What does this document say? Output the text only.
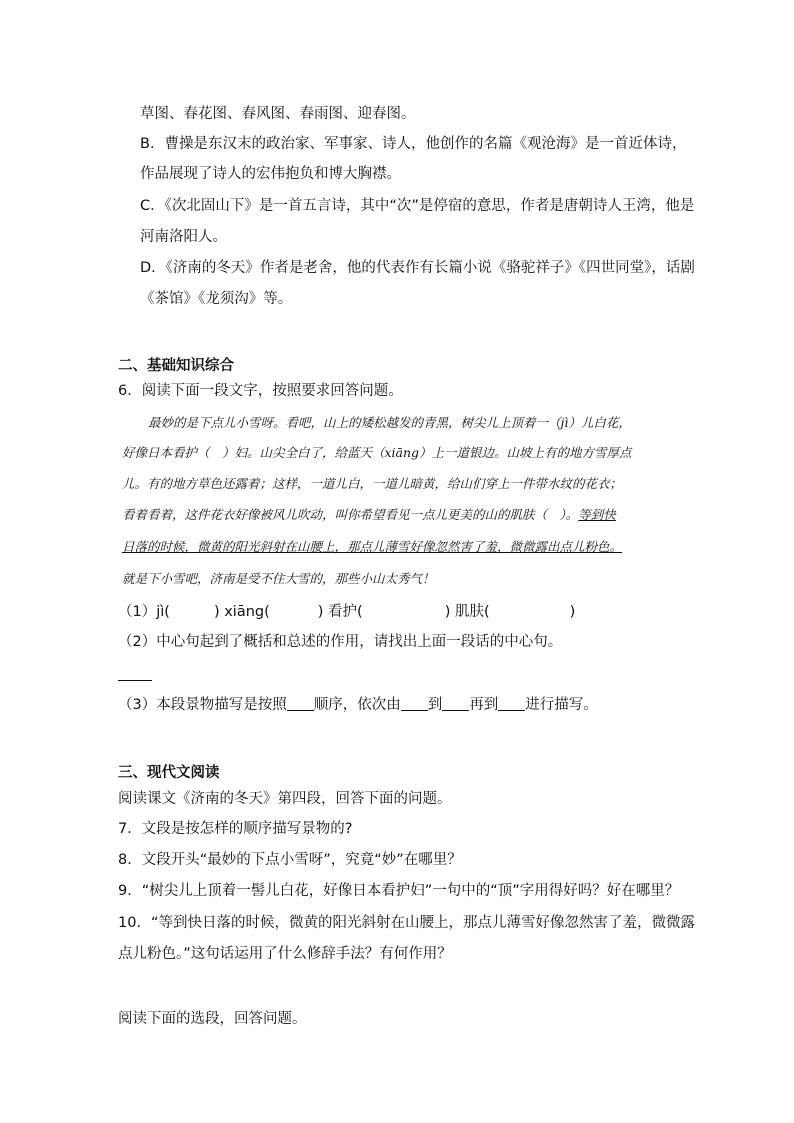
草图、春花图、春风图、春雨图、迎春图。
B．曹操是东汉末的政治家、军事家、诗人，他创作的名篇《观沧海》是一首近体诗，
作品展现了诗人的宏伟抱负和博大胸襟。
C．《次北固山下》是一首五言诗，其中“次”是停宿的意思，作者是唐朝诗人王湾，他是
河南洛阳人。
D．《济南的冬天》作者是老舍，他的代表作有长篇小说《骆驼祥子》《四世同堂》，话剧
《茶馆》《龙须沟》等。
二、基础知识综合
6．阅读下面一段文字，按照要求回答问题。
最妙的是下点儿小雪呀。看吧，山上的矮松越发的青黑，树尖儿上顶着一（jì）儿白花，
好像日本看护（　）妇。山尖全白了，给蓝天（xiāng）上一道银边。山坡上有的地方雪厚点
儿。有的地方草色还露着；这样，一道儿白，一道儿暗黄，给山们穿上一件带水纹的花衣；
看着看着，这件花衣好像被风儿吹动，叫你希望看见一点儿更美的山的肌肤（　）。等到快
日落的时候，微黄的阳光斜射在山腰上，那点儿薄雪好像忽然害了羞，微微露出点儿粉色。
就是下小雪吧，济南是受不住大雪的，那些小山太秀气！
（1）jì(	) xiāng(	) 看护(	) 肌肤(	)
（2）中心句起到了概括和总述的作用，请找出上面一段话的中心句。
（3）本段景物描写是按照 顺序，依次由 到 再到 进行描写。
三、现代文阅读
阅读课文《济南的冬天》第四段，回答下面的问题。
7．文段是按怎样的顺序描写景物的?
8．文段开头“最妙的下点小雪呀”，究竟“妙”在哪里？
9．“树尖儿上顶着一髻儿白花，好像日本看护妇”一句中的“顶”字用得好吗？好在哪里？
10．“等到快日落的时候，微黄的阳光斜射在山腰上，那点儿薄雪好像忽然害了羞，微微露
点儿粉色。”这句话运用了什么修辞手法？有何作用？
阅读下面的选段，回答问题。
